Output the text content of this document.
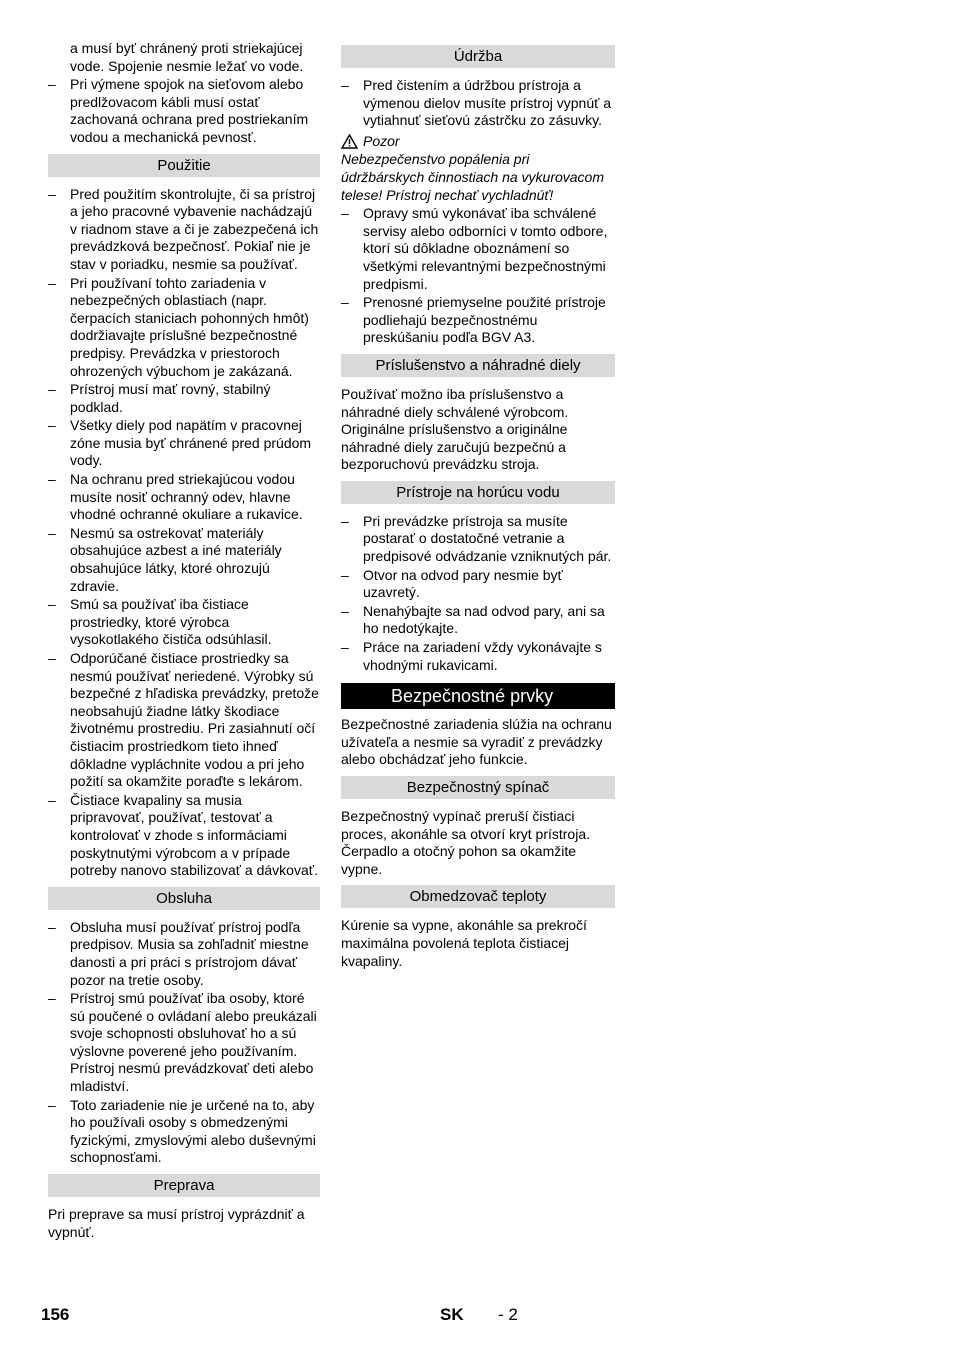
a musí byť chránený proti striekajúcej vode. Spojenie nesmie ležať vo vode.
– Pri výmene spojok na sieťovom alebo predlžovacom kábli musí ostať zachovaná ochrana pred postriekaním vodou a mechanická pevnosť.
Použitie
– Pred použitím skontrolujte, či sa prístroj a jeho pracovné vybavenie nachádzajú v riadnom stave a či je zabezpečená ich prevádzková bezpečnosť. Pokiaľ nie je stav v poriadku, nesmie sa používať.
– Pri používaní tohto zariadenia v nebezpečných oblastiach (napr. čerpacích staniciach pohonných hmôt) dodržiavajte príslušné bezpečnostné predpisy. Prevádzka v priestoroch ohrozených výbuchom je zakázaná.
– Prístroj musí mať rovný, stabilný podklad.
– Všetky diely pod napätím v pracovnej zóne musia byť chránené pred prúdom vody.
– Na ochranu pred striekajúcou vodou musíte nosiť ochranný odev, hlavne vhodné ochranné okuliare a rukavice.
– Nesmú sa ostrekovať materiály obsahujúce azbest a iné materiály obsahujúce látky, ktoré ohrozujú zdravie.
– Smú sa používať iba čistiace prostriedky, ktoré výrobca vysokotlakého čističa odsúhlasil.
– Odporúčané čistiace prostriedky sa nesmú používať neriedené. Výrobky sú bezpečné z hľadiska prevádzky, pretože neobsahujú žiadne látky škodiace životnému prostrediu. Pri zasiahnutí očí čistiacim prostriedkom tieto ihneď dôkladne vypláchnite vodou a pri jeho požití sa okamžite poraďte s lekárom.
– Čistiace kvapaliny sa musia pripravovať, používať, testovať a kontrolovať v zhode s informáciami poskytnutými výrobcom a v prípade potreby nanovo stabilizovať a dávkovať.
Obsluha
– Obsluha musí používať prístroj podľa predpisov. Musia sa zohľadniť miestne danosti a pri práci s prístrojom dávať pozor na tretie osoby.
– Prístroj smú používať iba osoby, ktoré sú poučené o ovládaní alebo preukázali svoje schopnosti obsluhovať ho a sú výslovne poverené jeho používaním. Prístroj nesmú prevádzkovať deti alebo mladiství.
– Toto zariadenie nie je určené na to, aby ho používali osoby s obmedzenými fyzickými, zmyslovými alebo duševnými schopnosťami.
Preprava
Pri preprave sa musí prístroj vyprázdniť a vypnúť.
Údržba
– Pred čistením a údržbou prístroja a výmenou dielov musíte prístroj vypnúť a vytiahnuť sieťovú zástrčku zo zásuvky.
Pozor
Nebezpečenstvo popálenia pri údržbárskych činnostiach na vykurovacom telese! Prístroj nechať vychladnúť!
– Opravy smú vykonávať iba schválené servisy alebo odborníci v tomto odbore, ktorí sú dôkladne oboznámení so všetkými relevantnými bezpečnostnými predpismi.
– Prenosné priemyselne použité prístroje podliehajú bezpečnostnému preskúšaniu podľa BGV A3.
Príslušenstvo a náhradné diely
Používať možno iba príslušenstvo a náhradné diely schválené výrobcom. Originálne príslušenstvo a originálne náhradné diely zaručujú bezpečnú a bezporuchovú prevádzku stroja.
Prístroje na horúcu vodu
– Pri prevádzke prístroja sa musíte postarať o dostatočné vetranie a predpisové odvádzanie vzniknutých pár.
– Otvor na odvod pary nesmie byť uzavretý.
– Nenahýbajte sa nad odvod pary, ani sa ho nedotýkajte.
– Práce na zariadení vždy vykonávajte s vhodnými rukavicami.
Bezpečnostné prvky
Bezpečnostné zariadenia slúžia na ochranu užívateľa a nesmie sa vyradiť z prevádzky alebo obchádzať jeho funkcie.
Bezpečnostný spínač
Bezpečnostný vypínač preruší čistiaci proces, akonáhle sa otvorí kryt prístroja. Čerpadlo a otočný pohon sa okamžite vypne.
Obmedzovač teploty
Kúrenie sa vypne, akonáhle sa prekročí maximálna povolená teplota čistiacej kvapaliny.
156	SK - 2
